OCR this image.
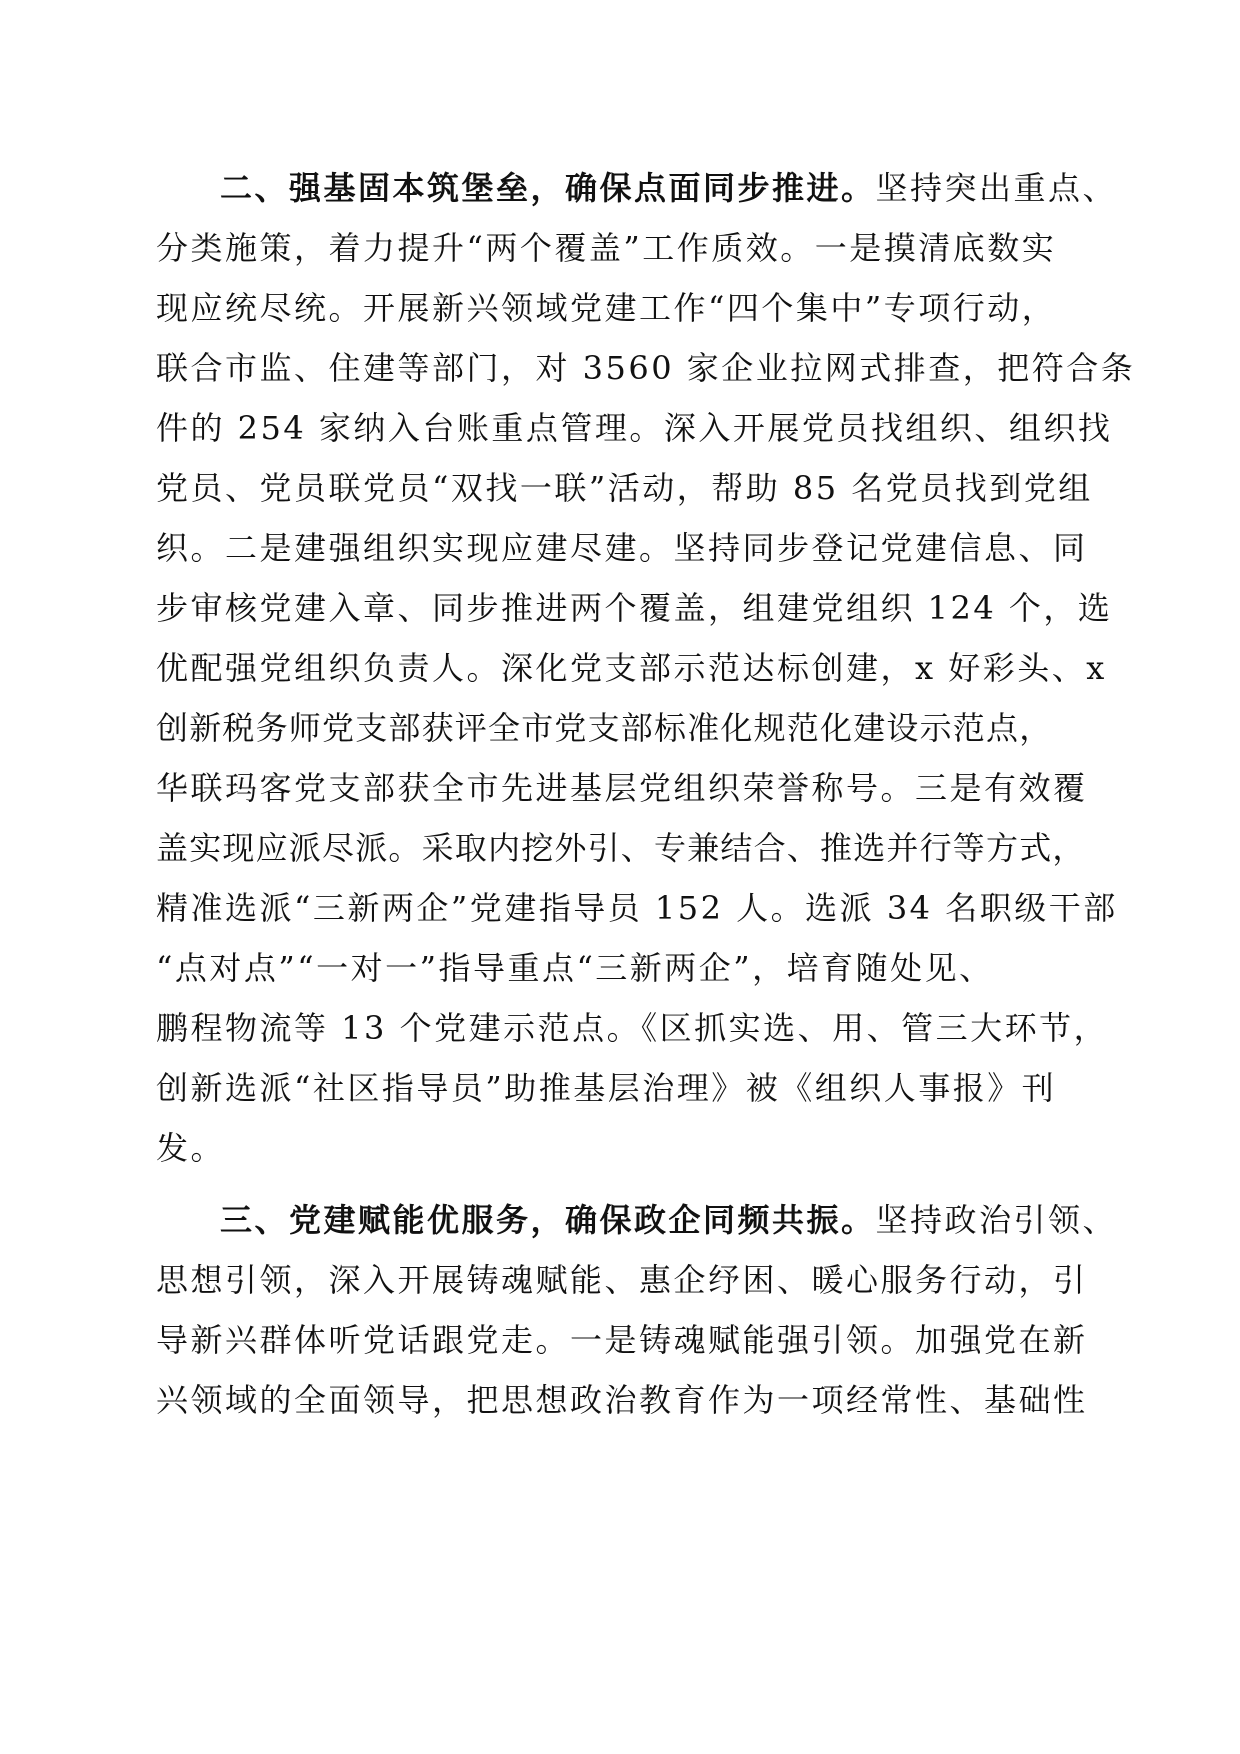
二、强基固本筑堡垒，确保点面同步推进。坚持突出重点、
分类施策，着力提升“两个覆盖”工作质效。一是摸清底数实
现应统尽统。开展新兴领域党建工作“四个集中”专项行动，
联合市监、住建等部门，对 3560 家企业拉网式排查，把符合条
件的 254 家纳入台账重点管理。深入开展党员找组织、组织找
党员、党员联党员“双找一联”活动，帮助 85 名党员找到党组
织。二是建强组织实现应建尽建。坚持同步登记党建信息、同
步审核党建入章、同步推进两个覆盖，组建党组织 124 个，选
优配强党组织负责人。深化党支部示范达标创建，x 好彩头、x
创新税务师党支部获评全市党支部标准化规范化建设示范点，
华联玛客党支部获全市先进基层党组织荣誉称号。三是有效覆
盖实现应派尽派。采取内挖外引、专兼结合、推选并行等方式，
精准选派“三新两企”党建指导员 152 人。选派 34 名职级干部
“点对点”“一对一”指导重点“三新两企”，培育随处见、
鹏程物流等 13 个党建示范点。《区抓实选、用、管三大环节，
创新选派“社区指导员”助推基层治理》被《组织人事报》刊
发。
三、党建赋能优服务，确保政企同频共振。坚持政治引领、
思想引领，深入开展铸魂赋能、惠企纾困、暖心服务行动，引
导新兴群体听党话跟党走。一是铸魂赋能强引领。加强党在新
兴领域的全面领导，把思想政治教育作为一项经常性、基础性
